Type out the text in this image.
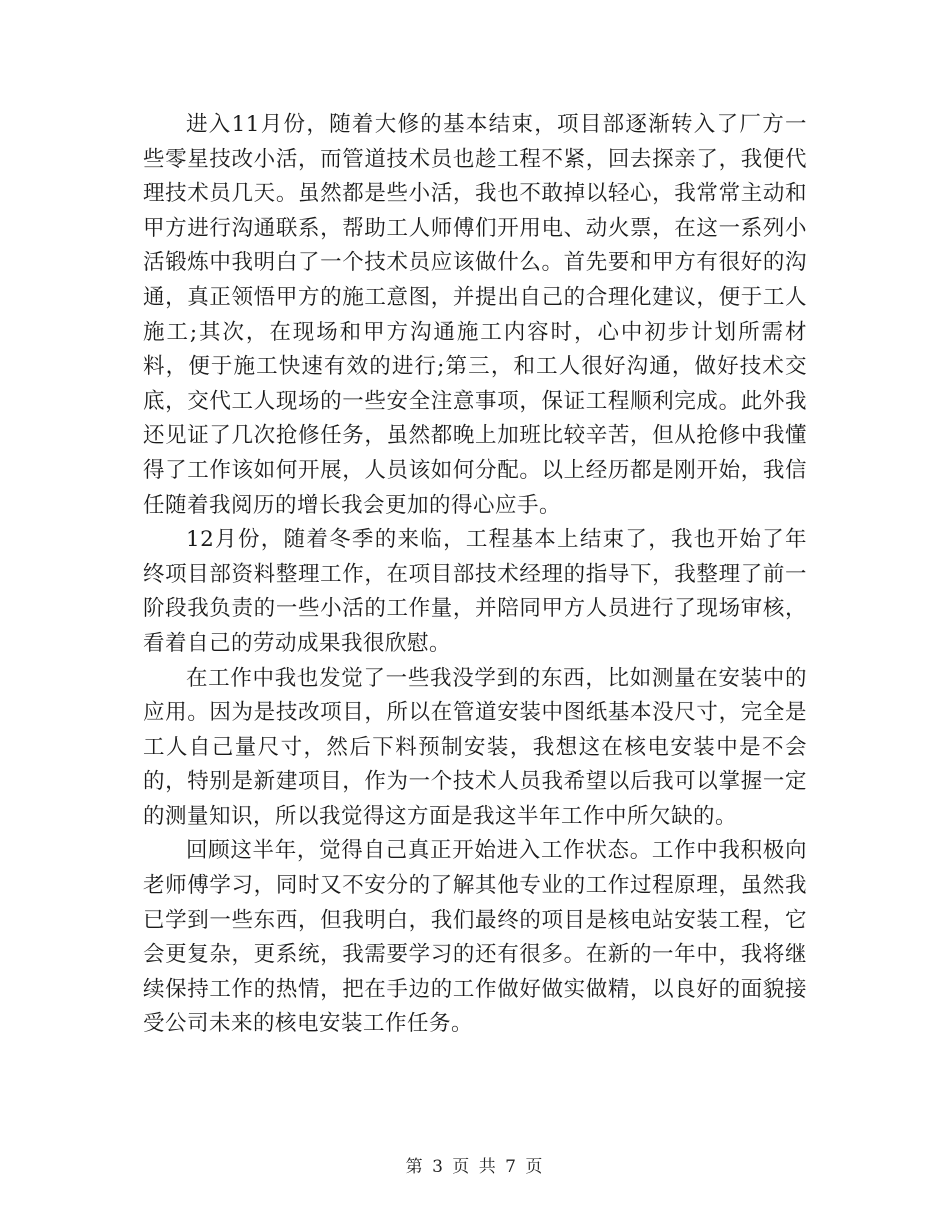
进入11月份，随着大修的基本结束，项目部逐渐转入了厂方一些零星技改小活，而管道技术员也趁工程不紧，回去探亲了，我便代理技术员几天。虽然都是些小活，我也不敢掉以轻心，我常常主动和甲方进行沟通联系，帮助工人师傅们开用电、动火票，在这一系列小活锻炼中我明白了一个技术员应该做什么。首先要和甲方有很好的沟通，真正领悟甲方的施工意图，并提出自己的合理化建议，便于工人施工;其次，在现场和甲方沟通施工内容时，心中初步计划所需材料，便于施工快速有效的进行;第三，和工人很好沟通，做好技术交底，交代工人现场的一些安全注意事项，保证工程顺利完成。此外我还见证了几次抢修任务，虽然都晚上加班比较辛苦，但从抢修中我懂得了工作该如何开展，人员该如何分配。以上经历都是刚开始，我信任随着我阅历的增长我会更加的得心应手。

12月份，随着冬季的来临，工程基本上结束了，我也开始了年终项目部资料整理工作，在项目部技术经理的指导下，我整理了前一阶段我负责的一些小活的工作量，并陪同甲方人员进行了现场审核，看着自己的劳动成果我很欣慰。

在工作中我也发觉了一些我没学到的东西，比如测量在安装中的应用。因为是技改项目，所以在管道安装中图纸基本没尺寸，完全是工人自己量尺寸，然后下料预制安装，我想这在核电安装中是不会的，特别是新建项目，作为一个技术人员我希望以后我可以掌握一定的测量知识，所以我觉得这方面是我这半年工作中所欠缺的。

回顾这半年，觉得自己真正开始进入工作状态。工作中我积极向老师傅学习，同时又不安分的了解其他专业的工作过程原理，虽然我已学到一些东西，但我明白，我们最终的项目是核电站安装工程，它会更复杂，更系统，我需要学习的还有很多。在新的一年中，我将继续保持工作的热情，把在手边的工作做好做实做精，以良好的面貌接受公司未来的核电安装工作任务。

第 3 页 共 7 页
